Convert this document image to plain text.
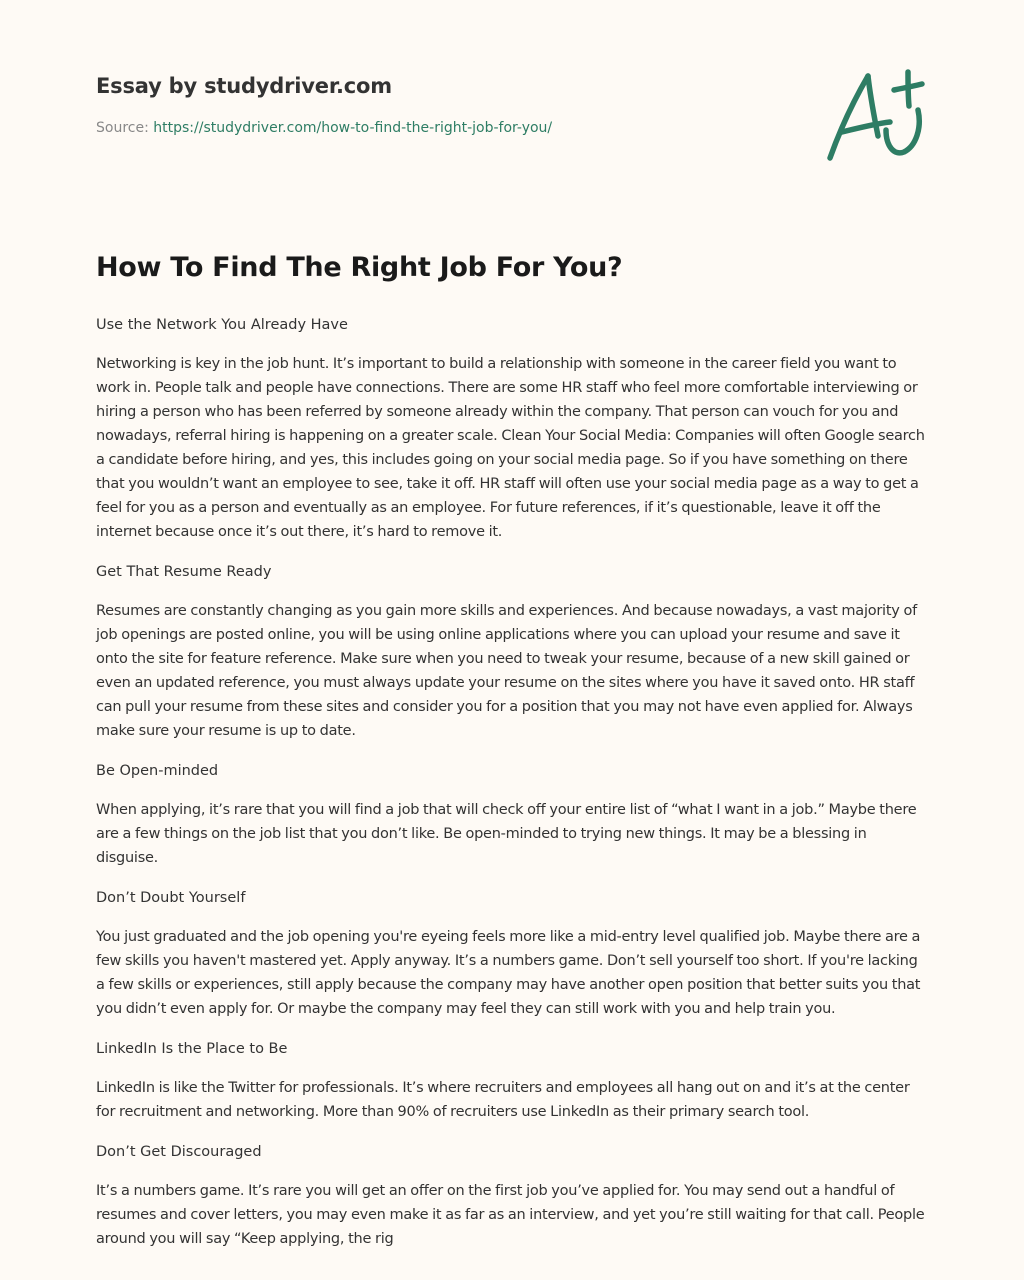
Essay by studydriver.com
Source: https://studydriver.com/how-to-find-the-right-job-for-you/
How To Find The Right Job For You?

Use the Network You Already Have

Networking is key in the job hunt. It’s important to build a relationship with someone in the career field you want to work in. People talk and people have connections. There are some HR staff who feel more comfortable interviewing or hiring a person who has been referred by someone already within the company. That person can vouch for you and nowadays, referral hiring is happening on a greater scale. Clean Your Social Media: Companies will often Google search a candidate before hiring, and yes, this includes going on your social media page. So if you have something on there that you wouldn’t want an employee to see, take it off. HR staff will often use your social media page as a way to get a feel for you as a person and eventually as an employee. For future references, if it’s questionable, leave it off the internet because once it’s out there, it’s hard to remove it.

Get That Resume Ready

Resumes are constantly changing as you gain more skills and experiences. And because nowadays, a vast majority of job openings are posted online, you will be using online applications where you can upload your resume and save it onto the site for feature reference. Make sure when you need to tweak your resume, because of a new skill gained or even an updated reference, you must always update your resume on the sites where you have it saved onto. HR staff can pull your resume from these sites and consider you for a position that you may not have even applied for. Always make sure your resume is up to date.

Be Open-minded

When applying, it’s rare that you will find a job that will check off your entire list of “what I want in a job.” Maybe there are a few things on the job list that you don’t like. Be open-minded to trying new things. It may be a blessing in disguise.

Don’t Doubt Yourself

You just graduated and the job opening you're eyeing feels more like a mid-entry level qualified job. Maybe there are a few skills you haven't mastered yet. Apply anyway. It’s a numbers game. Don’t sell yourself too short. If you're lacking a few skills or experiences, still apply because the company may have another open position that better suits you that you didn’t even apply for. Or maybe the company may feel they can still work with you and help train you.

LinkedIn Is the Place to Be

LinkedIn is like the Twitter for professionals. It’s where recruiters and employees all hang out on and it’s at the center for recruitment and networking. More than 90% of recruiters use LinkedIn as their primary search tool.

Don’t Get Discouraged

It’s a numbers game. It’s rare you will get an offer on the first job you’ve applied for. You may send out a handful of resumes and cover letters, you may even make it as far as an interview, and yet you’re still waiting for that call. People around you will say “Keep applying, the rig
